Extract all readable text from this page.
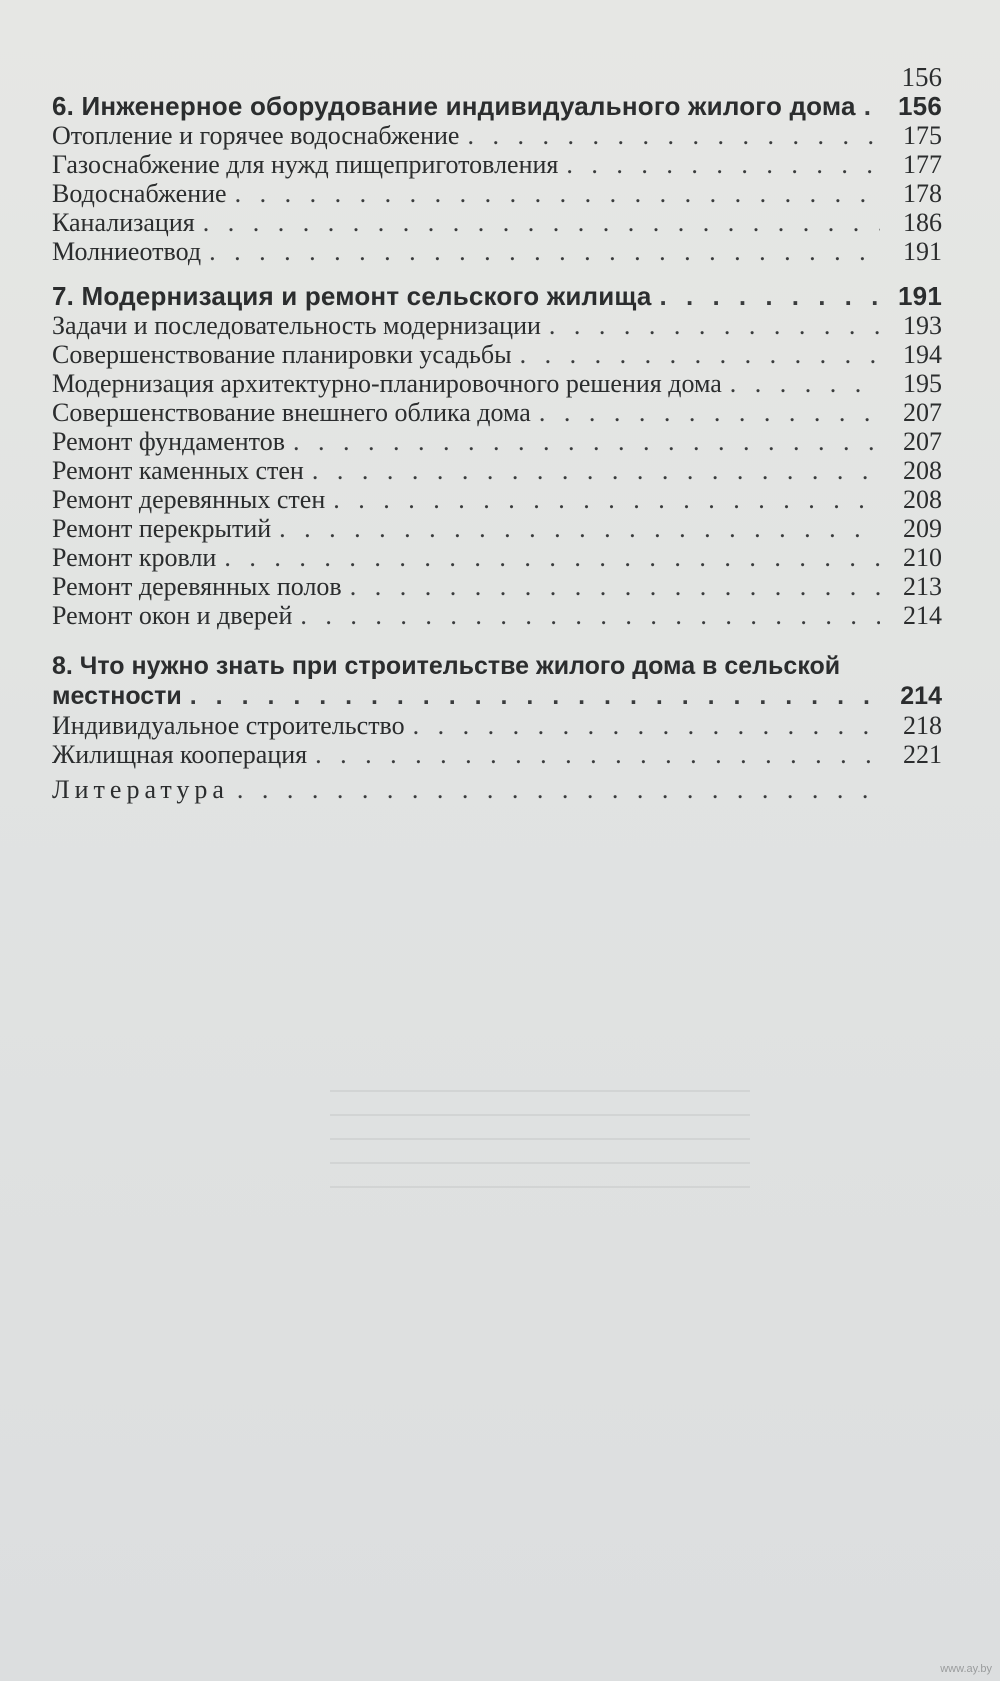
6. Инженерное оборудование индивидуального жилого дома . . .	156
Отопление и горячее водоснабжение . . .	175
Газоснабжение для нужд пищеприготовления . . .	177
Водоснабжение . . .	178
Канализация . . .	186
Молниеотвод . . .	191
7. Модернизация и ремонт сельского жилища . . .	191
Задачи и последовательность модернизации . . .	193
Совершенствование планировки усадьбы . . .	194
Модернизация архитектурно-планировочного решения дома . . .	195
Совершенствование внешнего облика дома . . .	207
Ремонт фундаментов . . .	207
Ремонт каменных стен . . .	208
Ремонт деревянных стен . . .	208
Ремонт перекрытий . . .	209
Ремонт кровли . . .	210
Ремонт деревянных полов . . .	213
Ремонт окон и дверей . . .	214
8. Что нужно знать при строительстве жилого дома в сельской
местности . . .	214
Индивидуальное строительство . . .	218
Жилищная кооперация . . .	221
Литература
. . .
156
www.ay.by
